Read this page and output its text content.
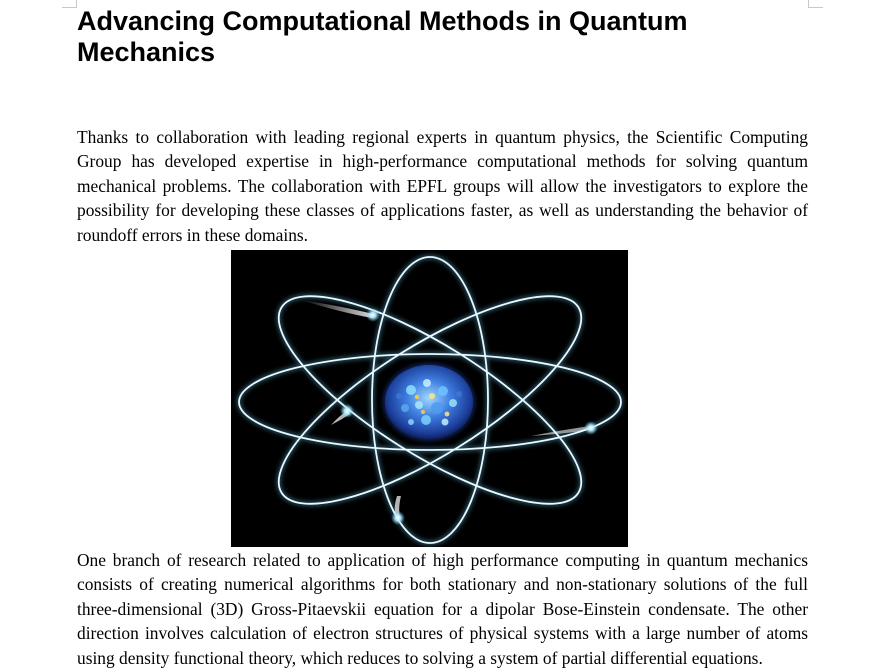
Advancing Computational Methods in Quantum Mechanics

Thanks to collaboration with leading regional experts in quantum physics, the Scientific Computing Group has developed expertise in high-performance computational methods for solving quantum mechanical problems. The collaboration with EPFL groups will allow the investigators to explore the possibility for developing these classes of applications faster, as well as understanding the behavior of roundoff errors in these domains.

One branch of research related to application of high performance computing in quantum mechanics consists of creating numerical algorithms for both stationary and non-stationary solutions of the full three-dimensional (3D) Gross-Pitaevskii equation for a dipolar Bose-Einstein condensate. The other direction involves calculation of electron structures of physical systems with a large number of atoms using density functional theory, which reduces to solving a system of partial differential equations.
